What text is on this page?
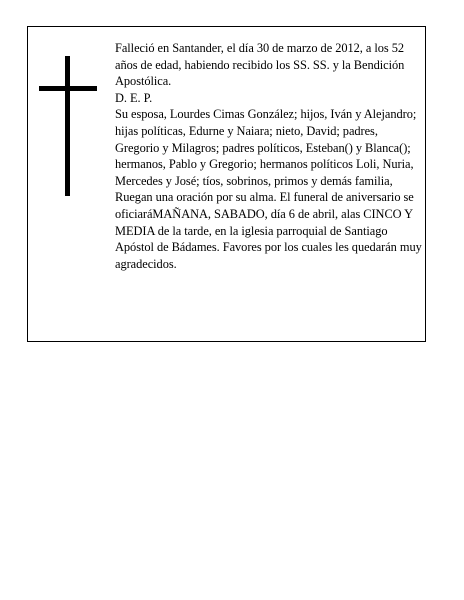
Falleció en Santander, el día 30 de marzo de 2012, a los 52 años de edad, habiendo recibido los SS. SS. y la Bendición Apostólica.

D. E. P.

Su esposa, Lourdes Cimas González; hijos, Iván y Alejandro; hijas políticas, Edurne y Naiara; nieto, David; padres, Gregorio y Milagros; padres políticos, Esteban() y Blanca(); hermanos, Pablo y Gregorio; hermanos políticos Loli, Nuria, Mercedes y José; tíos, sobrinos, primos y demás familia,

Ruegan una oración por su alma. El funeral de aniversario se oficiaráMAÑANA, SABADO, día 6 de abril, alas CINCO Y MEDIA de la tarde, en la iglesia parroquial de Santiago Apóstol de Bádames. Favores por los cuales les quedarán muy agradecidos.
